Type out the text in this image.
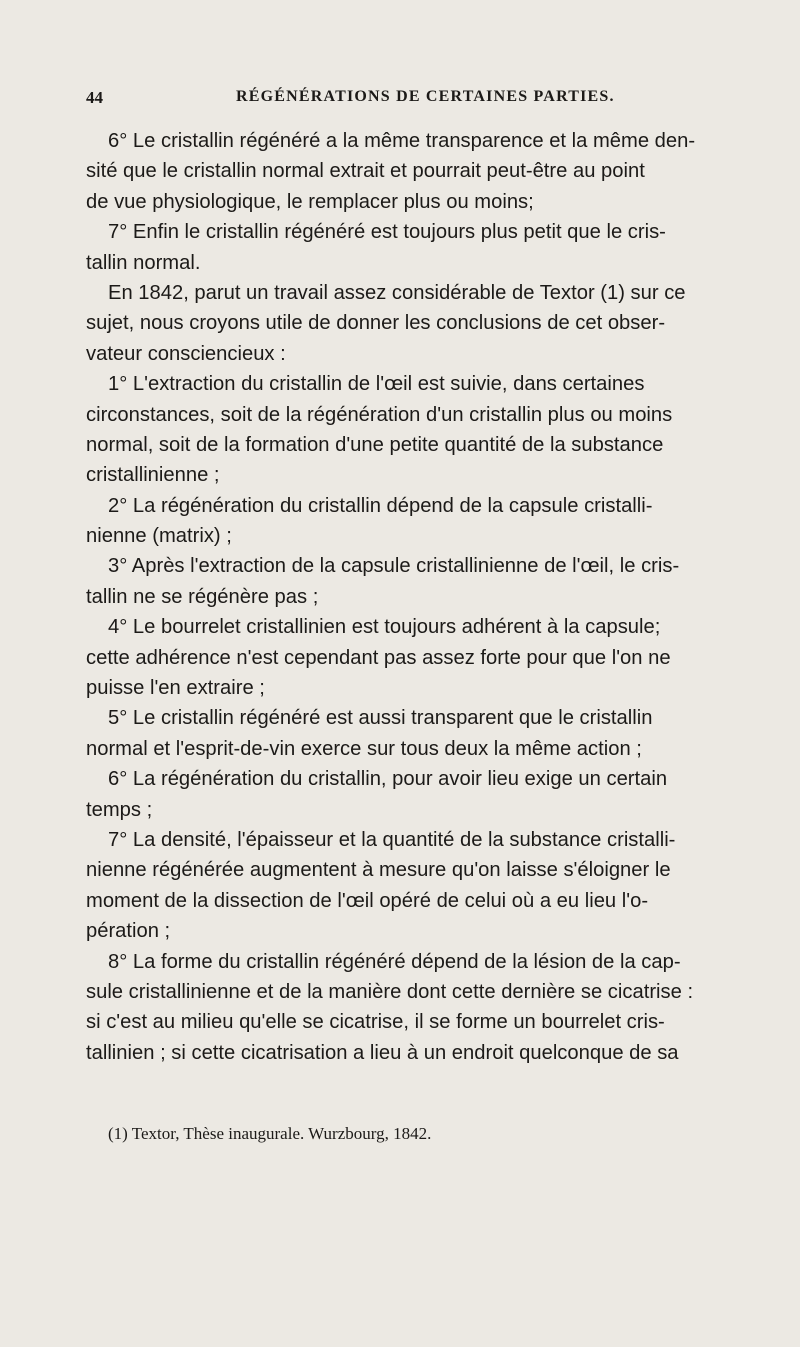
44	RÉGÉNÉRATIONS DE CERTAINES PARTIES.
6° Le cristallin régénéré a la même transparence et la même den-
sité que le cristallin normal extrait et pourrait peut-être au point
de vue physiologique, le remplacer plus ou moins;
7° Enfin le cristallin régénéré est toujours plus petit que le cris-
tallin normal.
En 1842, parut un travail assez considérable de Textor (1) sur ce
sujet, nous croyons utile de donner les conclusions de cet obser-
vateur consciencieux :
1° L'extraction du cristallin de l'œil est suivie, dans certaines
circonstances, soit de la régénération d'un cristallin plus ou moins
normal, soit de la formation d'une petite quantité de la substance
cristallinienne ;
2° La régénération du cristallin dépend de la capsule cristalli-
nienne (matrix) ;
3° Après l'extraction de la capsule cristallinienne de l'œil, le cris-
tallin ne se régénère pas ;
4° Le bourrelet cristallinien est toujours adhérent à la capsule;
cette adhérence n'est cependant pas assez forte pour que l'on ne
puisse l'en extraire ;
5° Le cristallin régénéré est aussi transparent que le cristallin
normal et l'esprit-de-vin exerce sur tous deux la même action ;
6° La régénération du cristallin, pour avoir lieu exige un certain
temps ;
7° La densité, l'épaisseur et la quantité de la substance cristalli-
nienne régénérée augmentent à mesure qu'on laisse s'éloigner le
moment de la dissection de l'œil opéré de celui où a eu lieu l'o-
pération ;
8° La forme du cristallin régénéré dépend de la lésion de la cap-
sule cristallinienne et de la manière dont cette dernière se cicatrise :
si c'est au milieu qu'elle se cicatrise, il se forme un bourrelet cris-
tallinien ; si cette cicatrisation a lieu à un endroit quelconque de sa
(1) Textor, Thèse inaugurale. Wurzbourg, 1842.
